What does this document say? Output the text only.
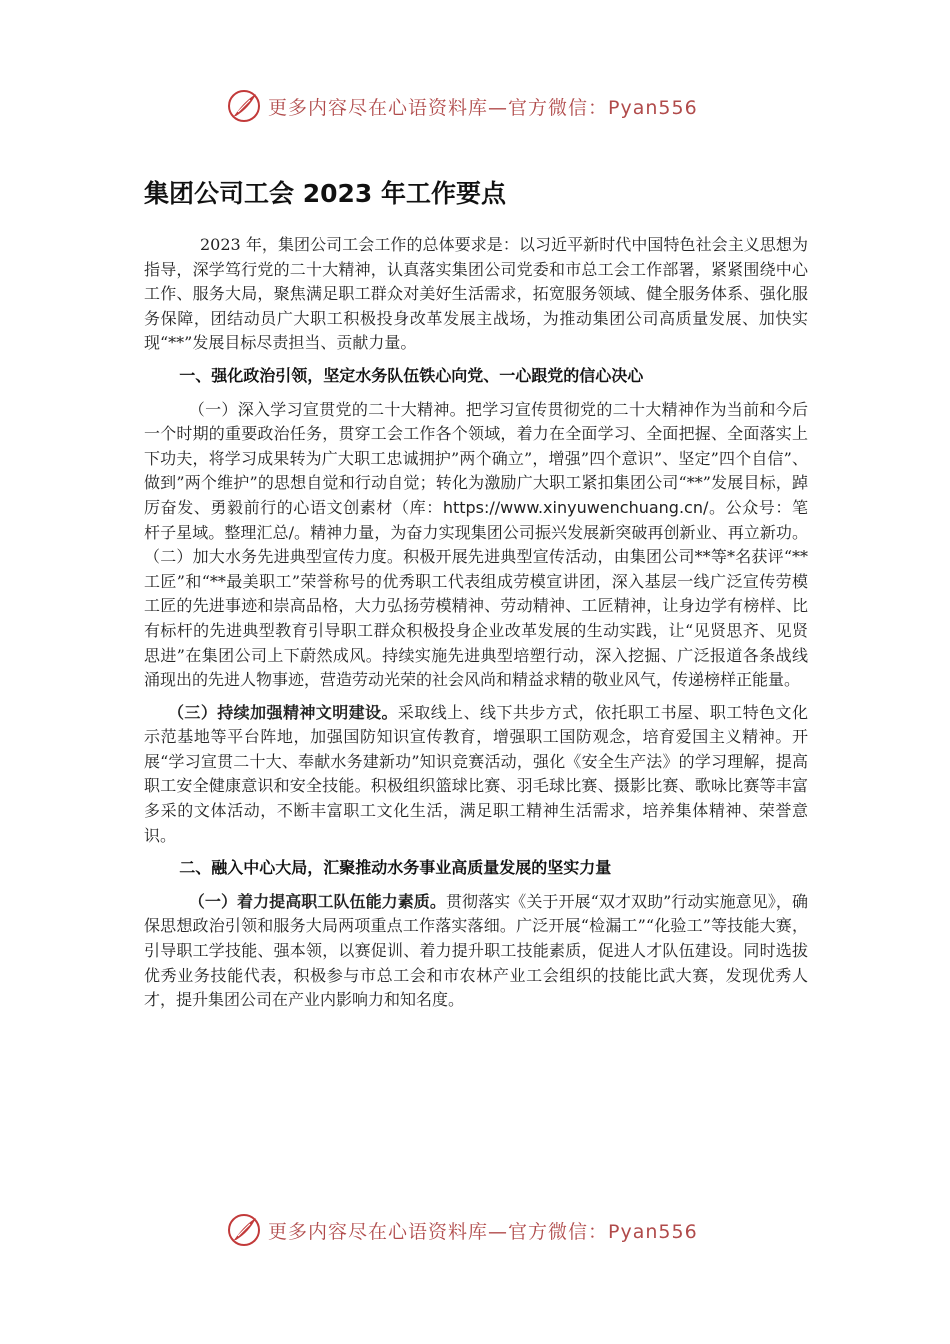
更多内容尽在心语资料库—官方微信：Pyan556
集团公司工会 2023 年工作要点

2023 年，集团公司工会工作的总体要求是：以习近平新时代中国特色社会主义思想为指导，深学笃行党的二十大精神，认真落实集团公司党委和市总工会工作部署，紧紧围绕中心工作、服务大局，聚焦满足职工群众对美好生活需求，拓宽服务领域、健全服务体系、强化服务保障，团结动员广大职工积极投身改革发展主战场，为推动集团公司高质量发展、加快实现“**”发展目标尽责担当、贡献力量。

一、强化政治引领，坚定水务队伍铁心向党、一心跟党的信心决心

（一）深入学习宣贯党的二十大精神。把学习宣传贯彻党的二十大精神作为当前和今后一个时期的重要政治任务，贯穿工会工作各个领域，着力在全面学习、全面把握、全面落实上下功夫，将学习成果转为广大职工忠诚拥护”两个确立”，增强”四个意识”、坚定”四个自信”、做到”两个维护”的思想自觉和行动自觉；转化为激励广大职工紧扣集团公司“**”发展目标，踔厉奋发、勇毅前行的心语文创素材（库：https://www.xinyuwenchuang.cn/。公众号：笔杆子星域。整理汇总/。精神力量，为奋力实现集团公司振兴发展新突破再创新业、再立新功。（二）加大水务先进典型宣传力度。积极开展先进典型宣传活动，由集团公司**等*名获评“**工匠”和“**最美职工”荣誉称号的优秀职工代表组成劳模宣讲团，深入基层一线广泛宣传劳模工匠的先进事迹和崇高品格，大力弘扬劳模精神、劳动精神、工匠精神，让身边学有榜样、比有标杆的先进典型教育引导职工群众积极投身企业改革发展的生动实践，让“见贤思齐、见贤思进”在集团公司上下蔚然成风。持续实施先进典型培塑行动，深入挖掘、广泛报道各条战线涌现出的先进人物事迹，营造劳动光荣的社会风尚和精益求精的敬业风气，传递榜样正能量。

（三）持续加强精神文明建设。采取线上、线下共步方式，依托职工书屋、职工特色文化示范基地等平台阵地，加强国防知识宣传教育，增强职工国防观念，培育爱国主义精神。开展“学习宣贯二十大、奉献水务建新功”知识竞赛活动，强化《安全生产法》的学习理解，提高职工安全健康意识和安全技能。积极组织篮球比赛、羽毛球比赛、摄影比赛、歌咏比赛等丰富多采的文体活动，不断丰富职工文化生活，满足职工精神生活需求，培养集体精神、荣誉意识。

二、融入中心大局，汇聚推动水务事业高质量发展的坚实力量

（一）着力提高职工队伍能力素质。贯彻落实《关于开展“双才双助”行动实施意见》，确保思想政治引领和服务大局两项重点工作落实落细。广泛开展“检漏工”“化验工”等技能大赛，引导职工学技能、强本领，以赛促训、着力提升职工技能素质，促进人才队伍建设。同时选拔优秀业务技能代表，积极参与市总工会和市农林产业工会组织的技能比武大赛，发现优秀人才，提升集团公司在产业内影响力和知名度。

更多内容尽在心语资料库—官方微信：Pyan556
